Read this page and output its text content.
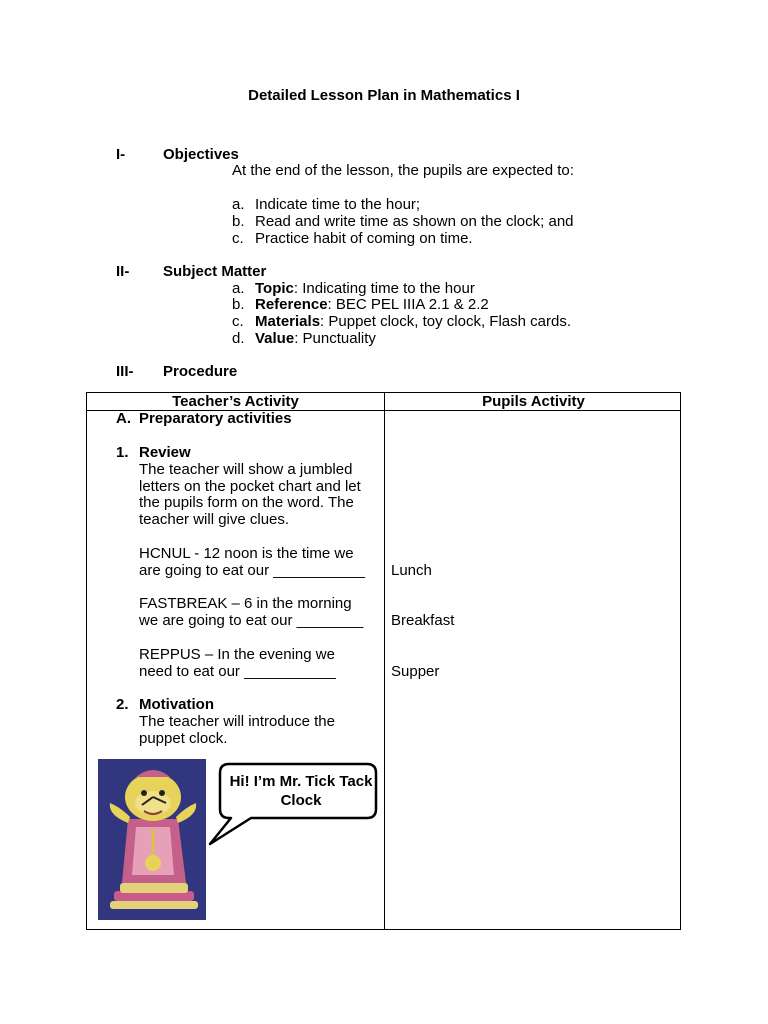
Detailed Lesson Plan in Mathematics I
I-	Objectives
At the end of the lesson, the pupils are expected to:
a. Indicate time to the hour;
b. Read and write time as shown on the clock; and
c. Practice habit of coming on time.
II- Subject Matter
a. Topic: Indicating time to the hour
b. Reference: BEC PEL IIIA 2.1 & 2.2
c. Materials: Puppet clock, toy clock, Flash cards.
d. Value: Punctuality
III- Procedure
Teacher’s Activity	Pupils Activity
A. Preparatory activities
1. Review
The teacher will show a jumbled
letters on the pocket chart and let
the pupils form on the word. The
teacher will give clues.
HCNUL - 12 noon is the time we
are going to eat our ___________ Lunch
FASTBREAK – 6 in the morning
we are going to eat our ________ Breakfast
REPPUS – In the evening we
need to eat our ___________	Supper
2. Motivation
The teacher will introduce the
puppet clock.
Hi! I’m Mr. Tick Tack Clock
